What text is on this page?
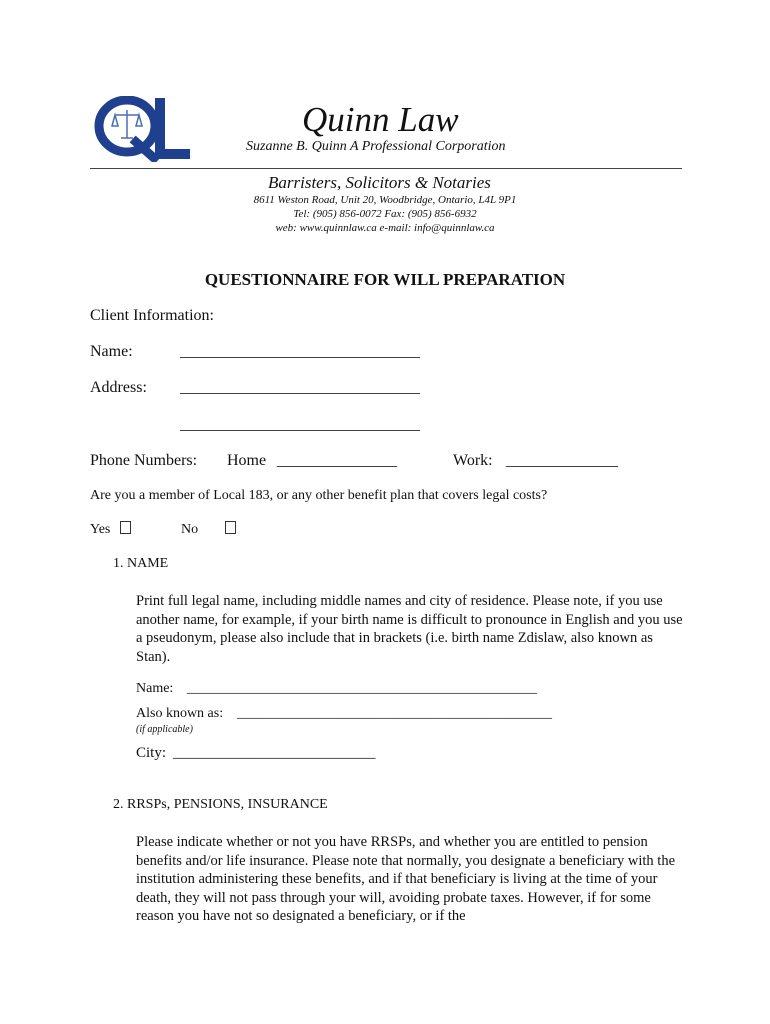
Quinn Law
Suzanne B. Quinn A Professional Corporation
Barristers, Solicitors & Notaries
8611 Weston Road, Unit 20, Woodbridge, Ontario, L4L 9P1
Tel: (905) 856-0072 Fax: (905) 856-6932
web: www.quinnlaw.ca e-mail: info@quinnlaw.ca
QUESTIONNAIRE FOR WILL PREPARATION
Client Information:
Name:	______________________________
Address: ______________________________
______________________________
Phone Numbers: Home _______________	Work: ______________
Are you a member of Local 183, or any other benefit plan that covers legal costs?
Yes	No
1. NAME
Print full legal name, including middle names and city of residence. Please note, if you use another name, for example, if your birth name is difficult to pronounce in English and you use a pseudonym, please also include that in brackets (i.e. birth name Zdislaw, also known as Stan).
Name: __________________________________________________
Also known as: _____________________________________________
(if applicable)
City: ___________________________
2. RRSPs, PENSIONS, INSURANCE
Please indicate whether or not you have RRSPs, and whether you are entitled to pension benefits and/or life insurance. Please note that normally, you designate a beneficiary with the institution administering these benefits, and if that beneficiary is living at the time of your death, they will not pass through your will, avoiding probate taxes. However, if for some reason you have not so designated a beneficiary, or if the
